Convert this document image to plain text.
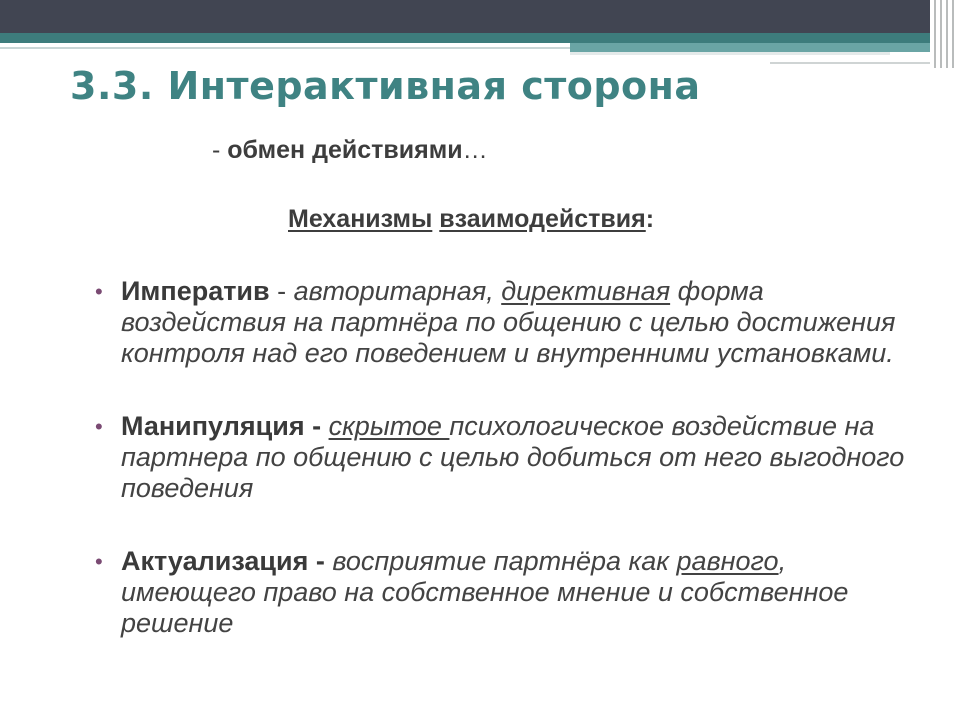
3.3. Интерактивная сторона

- обмен действиями…

Механизмы взаимодействия:

• Императив - авторитарная, директивная форма воздействия на партнёра по общению с целью достижения контроля над его поведением и внутренними установками.
• Манипуляция - скрытое психологическое воздействие на партнера по общению с целью добиться от него выгодного поведения
• Актуализация - восприятие партнёра как равного, имеющего право на собственное мнение и собственное решение
